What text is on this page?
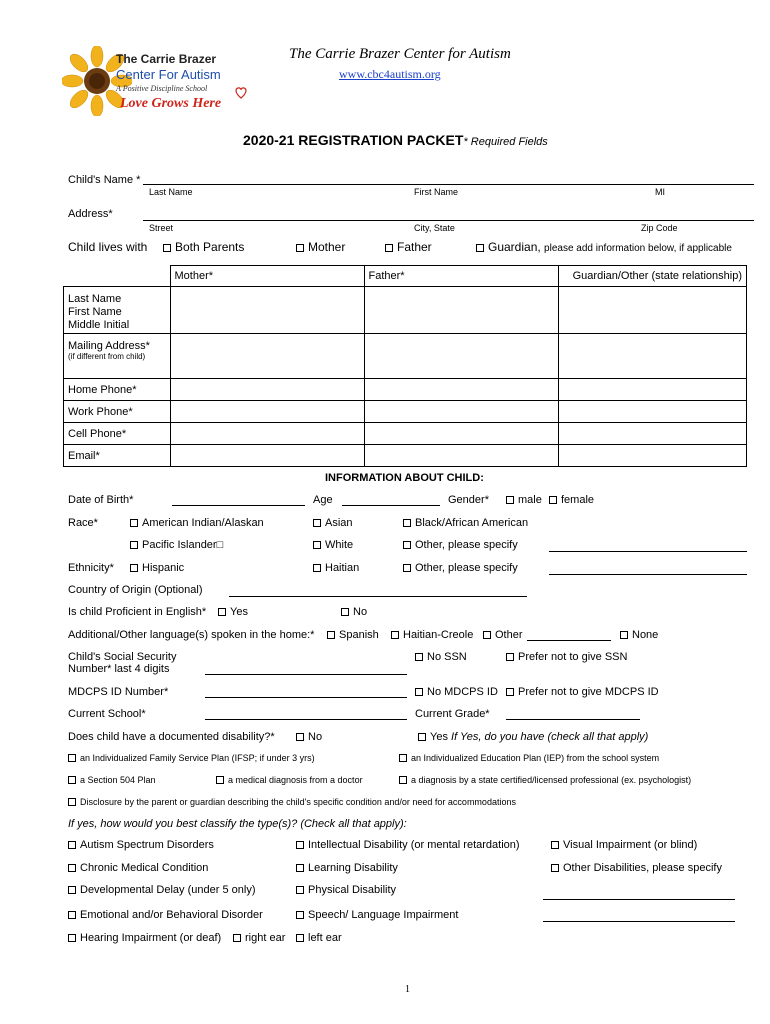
The Carrie Brazer
Center For Autism
A Positive Discipline School
Love Grows Here
The Carrie Brazer Center for Autism
www.cbc4autism.org
2020-21 REGISTRATION PACKET* Required Fields
Child's Name *
Last Name	First Name	MI
Address*
Street	City, State	Zip Code
Child lives with	Both Parents	Mother	Father	Guardian, please add information below, if applicable
	Mother*	Father*	Guardian/Other (state relationship)

Last Name
First Name
Middle Initial			

Mailing Address*
(if different from child)			

Home Phone*			
Work Phone*			
Cell Phone*			
Email*			
INFORMATION ABOUT CHILD:
Date of Birth*	Age	Gender*	male	female
Race*	American Indian/Alaskan	Asian	Black/African American
Pacific Islander□	White	Other, please specify
Ethnicity*	Hispanic	Haitian	Other, please specify
Country of Origin (Optional)
Is child Proficient in English*	Yes	No
Additional/Other language(s) spoken in the home:*	Spanish	Haitian-Creole	Other	None
Child's Social Security
Number* last 4 digits
No SSN	Prefer not to give SSN
MDCPS ID Number*	No MDCPS ID	Prefer not to give MDCPS ID
Current School*	Current Grade*
Does child have a documented disability?*	No	Yes If Yes, do you have (check all that apply)
an Individualized Family Service Plan (IFSP; if under 3 yrs)	an Individualized Education Plan (IEP) from the school system
a Section 504 Plan	a medical diagnosis from a doctor	a diagnosis by a state certified/licensed professional (ex. psychologist)
Disclosure by the parent or guardian describing the child's specific condition and/or need for accommodations
If yes, how would you best classify the type(s)? (Check all that apply):
Autism Spectrum Disorders	Intellectual Disability (or mental retardation)	Visual Impairment (or blind)
Chronic Medical Condition	Learning Disability	Other Disabilities, please specify
Developmental Delay (under 5 only)	Physical Disability
Emotional and/or Behavioral Disorder	Speech/ Language Impairment
Hearing Impairment (or deaf)	right ear	left ear
1
